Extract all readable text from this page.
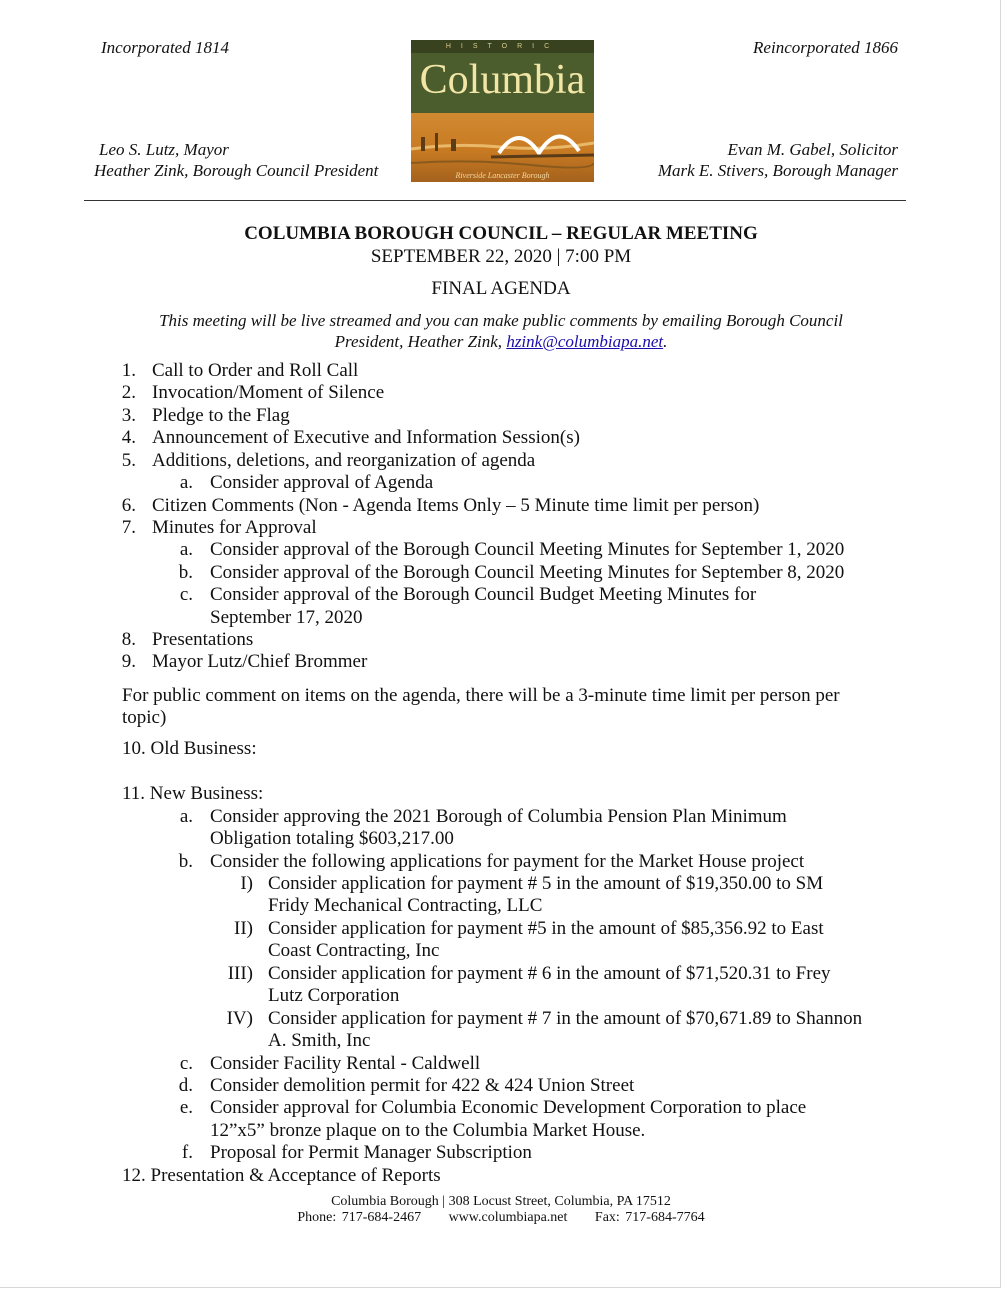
Incorporated 1814	Reincorporated 1866
Leo S. Lutz, Mayor
Heather Zink, Borough Council President
Evan M. Gabel, Solicitor
Mark E. Stivers, Borough Manager
HISTORIC
Columbia
Riverside Lancaster Borough
COLUMBIA BOROUGH COUNCIL – REGULAR MEETING
SEPTEMBER 22, 2020 | 7:00 PM
FINAL AGENDA
This meeting will be live streamed and you can make public comments by emailing Borough Council
President, Heather Zink, hzink@columbiapa.net.
1. Call to Order and Roll Call
2. Invocation/Moment of Silence
3. Pledge to the Flag
4. Announcement of Executive and Information Session(s)
5. Additions, deletions, and reorganization of agenda
a. Consider approval of Agenda
6. Citizen Comments (Non - Agenda Items Only – 5 Minute time limit per person)
7. Minutes for Approval
a. Consider approval of the Borough Council Meeting Minutes for September 1, 2020
b. Consider approval of the Borough Council Meeting Minutes for September 8, 2020
c. Consider approval of the Borough Council Budget Meeting Minutes for
September 17, 2020
8. Presentations
9. Mayor Lutz/Chief Brommer
For public comment on items on the agenda, there will be a 3-minute time limit per person per
topic)
10. Old Business:
11. New Business:
a. Consider approving the 2021 Borough of Columbia Pension Plan Minimum
Obligation totaling $603,217.00
b. Consider the following applications for payment for the Market House project
I) Consider application for payment # 5 in the amount of $19,350.00 to SM
Fridy Mechanical Contracting, LLC
II) Consider application for payment #5 in the amount of $85,356.92 to East
Coast Contracting, Inc
III) Consider application for payment # 6 in the amount of $71,520.31 to Frey
Lutz Corporation
IV) Consider application for payment # 7 in the amount of $70,671.89 to Shannon
A. Smith, Inc
c. Consider Facility Rental - Caldwell
d. Consider demolition permit for 422 & 424 Union Street
e. Consider approval for Columbia Economic Development Corporation to place
12”x5” bronze plaque on to the Columbia Market House.
f. Proposal for Permit Manager Subscription
12. Presentation & Acceptance of Reports
Columbia Borough | 308 Locust Street, Columbia, PA 17512
Phone: 717-684-2467     www.columbiapa.net     Fax: 717-684-7764
